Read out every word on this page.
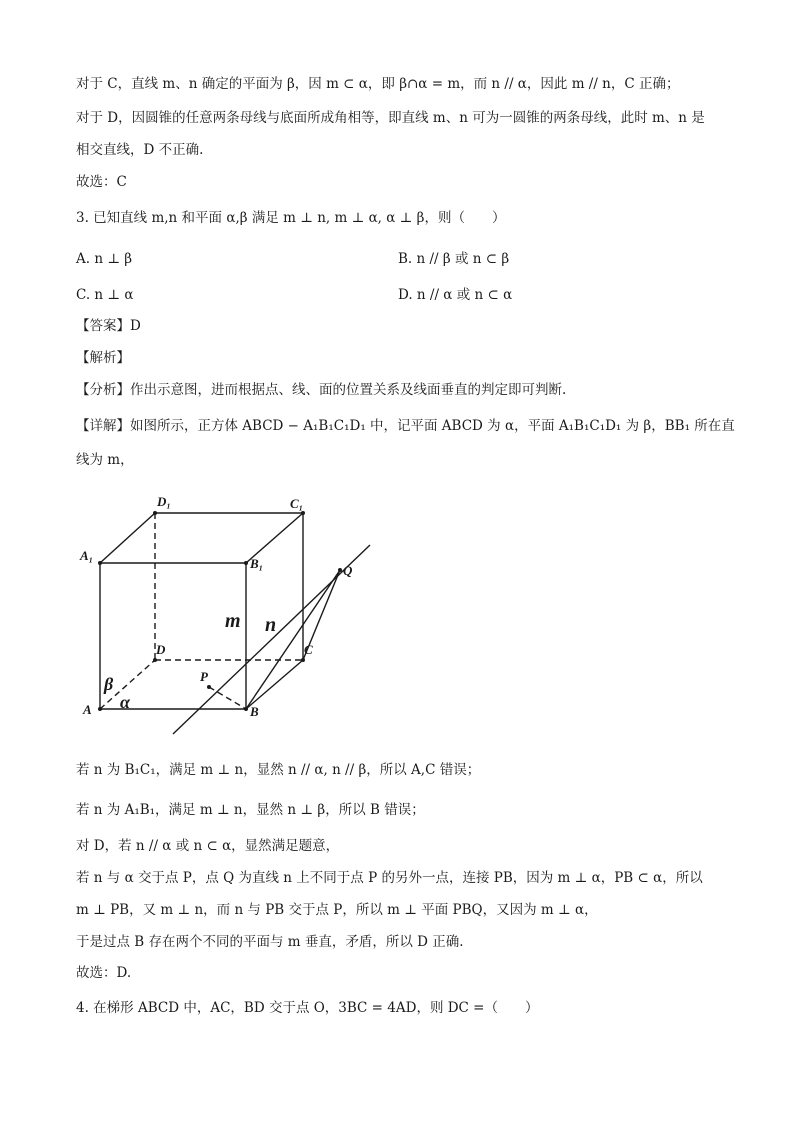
对于 C，直线 m、n 确定的平面为 β，因 m ⊂ α，即 β∩α = m，而 n // α，因此 m // n，C 正确；
对于 D，因圆锥的任意两条母线与底面所成角相等，即直线 m、n 可为一圆锥的两条母线，此时 m、n 是
相交直线，D 不正确.
故选：C
3. 已知直线 m,n 和平面 α,β 满足 m ⊥ n, m ⊥ α, α ⊥ β，则（　　）
A. n ⊥ β	B. n // β 或 n ⊂ β
C. n ⊥ α	D. n // α 或 n ⊂ α
【答案】D
【解析】
【分析】作出示意图，进而根据点、线、面的位置关系及线面垂直的判定即可判断.
【详解】如图所示，正方体 ABCD − A₁B₁C₁D₁ 中，记平面 ABCD 为 α，平面 A₁B₁C₁D₁ 为 β，BB₁ 所在直
线为 m，
D₁	C₁
A₁
B₁	Q
D	C
P
A	B
m n
β
α
若 n 为 B₁C₁，满足 m ⊥ n，显然 n // α, n // β，所以 A,C 错误；
若 n 为 A₁B₁，满足 m ⊥ n，显然 n ⊥ β，所以 B 错误；
对 D，若 n // α 或 n ⊂ α，显然满足题意，
若 n 与 α 交于点 P，点 Q 为直线 n 上不同于点 P 的另外一点，连接 PB，因为 m ⊥ α，PB ⊂ α，所以
m ⊥ PB，又 m ⊥ n，而 n 与 PB 交于点 P，所以 m ⊥ 平面 PBQ，又因为 m ⊥ α，
于是过点 B 存在两个不同的平面与 m 垂直，矛盾，所以 D 正确.
故选：D.
4. 在梯形 ABCD 中，AC，BD 交于点 O，3BC = 4AD，则 DC =（　　）
